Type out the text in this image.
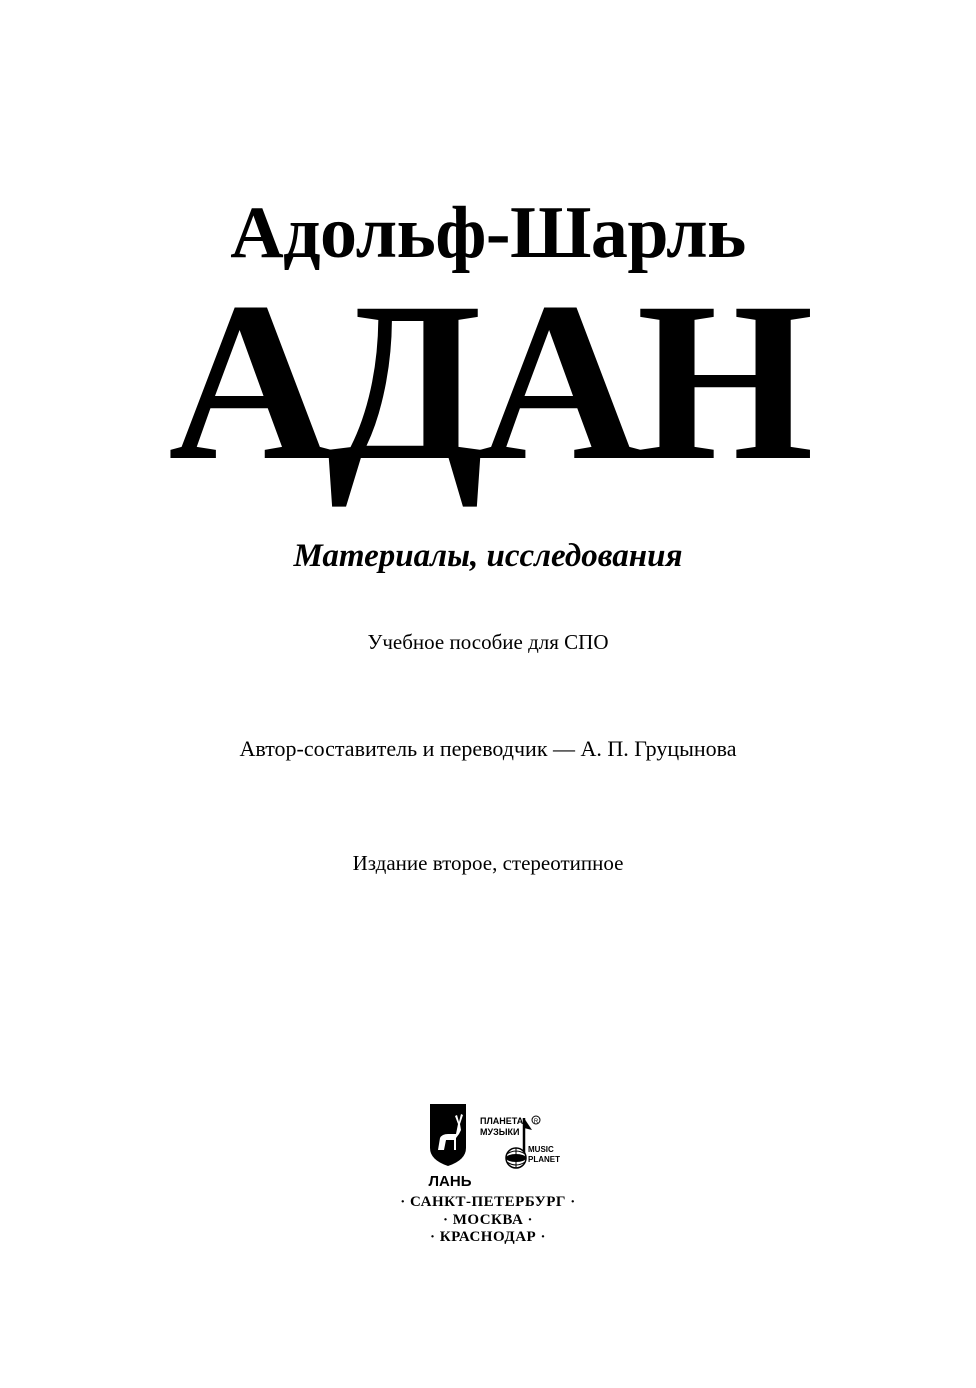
Адольф-Шарль
АДАН
Материалы, исследования
Учебное пособие для СПО
Автор-составитель и переводчик — А. П. Груцынова
Издание второе, стереотипное
ЛАНЬ
ПЛАНЕТА
МУЗЫКИ
R
MUSIC
PLANET
· САНКТ-ПЕТЕРБУРГ ·
· МОСКВА ·
· КРАСНОДАР ·
